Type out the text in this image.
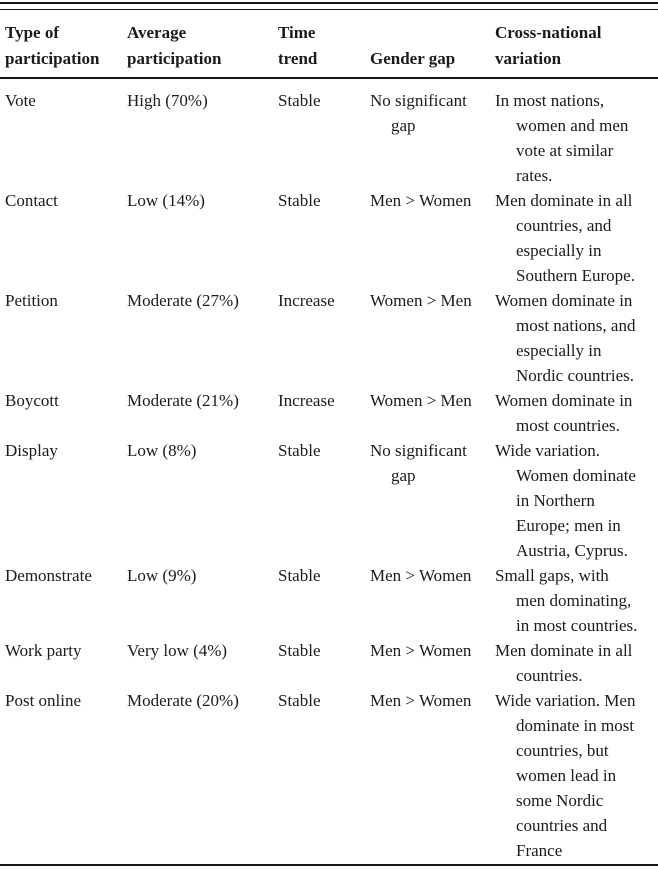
Type of participation	Average participation	Time trend	Gender gap	Cross-national variation
Vote	High (70%)	Stable	No significant gap	In most nations, women and men vote at similar rates.
Contact	Low (14%)	Stable	Men > Women	Men dominate in all countries, and especially in Southern Europe.
Petition	Moderate (27%)	Increase	Women > Men	Women dominate in most nations, and especially in Nordic countries.
Boycott	Moderate (21%)	Increase	Women > Men	Women dominate in most countries.
Display	Low (8%)	Stable	No significant gap	Wide variation. Women dominate in Northern Europe; men in Austria, Cyprus.
Demonstrate	Low (9%)	Stable	Men > Women	Small gaps, with men dominating, in most countries.
Work party	Very low (4%)	Stable	Men > Women	Men dominate in all countries.
Post online	Moderate (20%)	Stable	Men > Women	Wide variation. Men dominate in most countries, but women lead in some Nordic countries and France
